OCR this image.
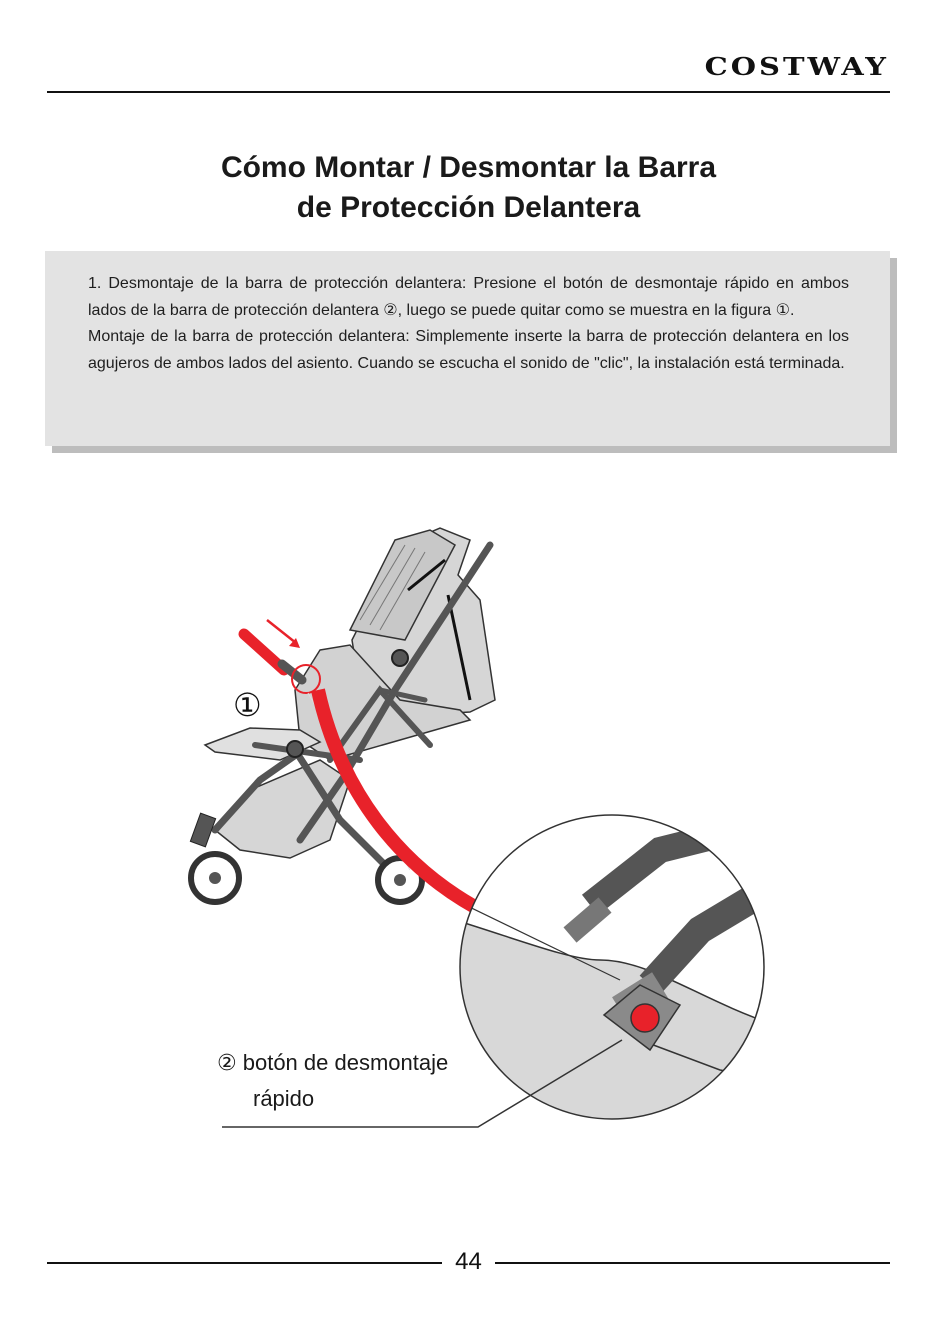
COSTWAY
Cómo Montar / Desmontar la Barra
de Protección Delantera

1. Desmontaje de la barra de protección delantera: Presione el botón de desmontaje rápido en ambos lados de la barra de protección delantera ②, luego se puede quitar como se muestra en la figura ①.

Montaje de la barra de protección delantera: Simplemente inserte la barra de protección delantera en los agujeros de ambos lados del asiento. Cuando se escucha el sonido de "clic", la instalación está terminada.

①
② botón de desmontaje
rápido
44
